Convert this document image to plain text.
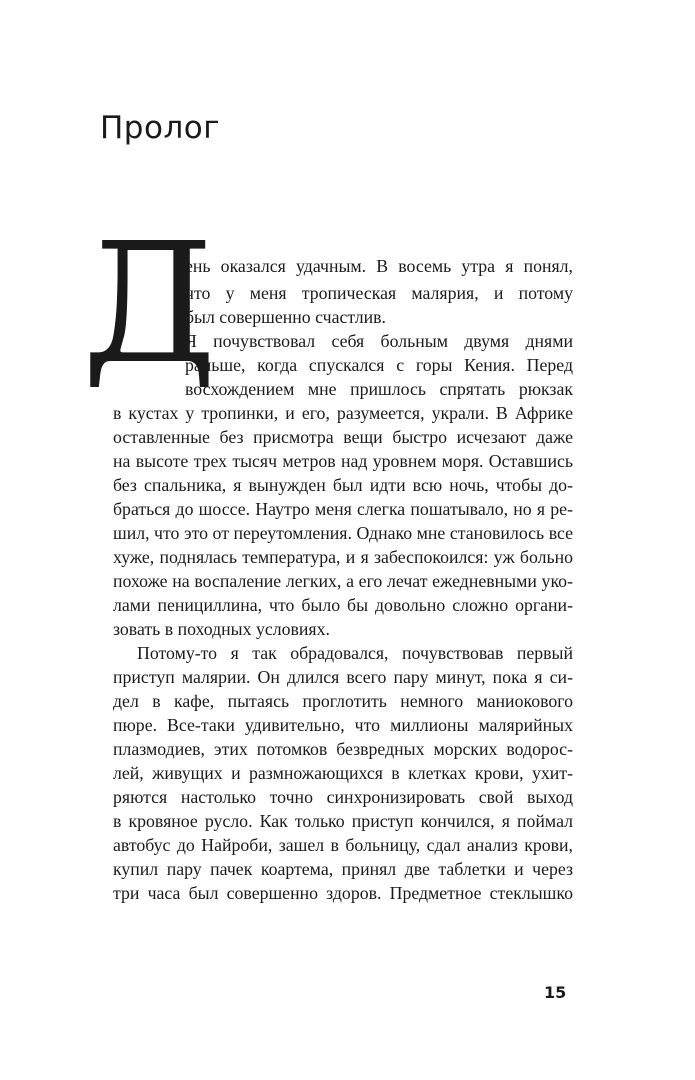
Пролог
Д
ень оказался удачным. В восемь утра я понял,
что у меня тропическая малярия, и потому
был совершенно счастлив.
Я почувствовал себя больным двумя днями
раньше, когда спускался с горы Кения. Перед
восхождением мне пришлось спрятать рюкзак
в кустах у тропинки, и его, разумеется, украли. В Африке
оставленные без присмотра вещи быстро исчезают даже
на высоте трех тысяч метров над уровнем моря. Оставшись
без спальника, я вынужден был идти всю ночь, чтобы до-
браться до шоссе. Наутро меня слегка пошатывало, но я ре-
шил, что это от переутомления. Однако мне становилось все
хуже, поднялась температура, и я забеспокоился: уж больно
похоже на воспаление легких, а его лечат ежедневными уко-
лами пенициллина, что было бы довольно сложно органи-
зовать в походных условиях.
Потому-то я так обрадовался, почувствовав первый
приступ малярии. Он длился всего пару минут, пока я си-
дел в кафе, пытаясь проглотить немного маниокового
пюре. Все-таки удивительно, что миллионы малярийных
плазмодиев, этих потомков безвредных морских водорос-
лей, живущих и размножающихся в клетках крови, ухит-
ряются настолько точно синхронизировать свой выход
в кровяное русло. Как только приступ кончился, я поймал
автобус до Найроби, зашел в больницу, сдал анализ крови,
купил пару пачек коартема, принял две таблетки и через
три часа был совершенно здоров. Предметное стеклышко
15
